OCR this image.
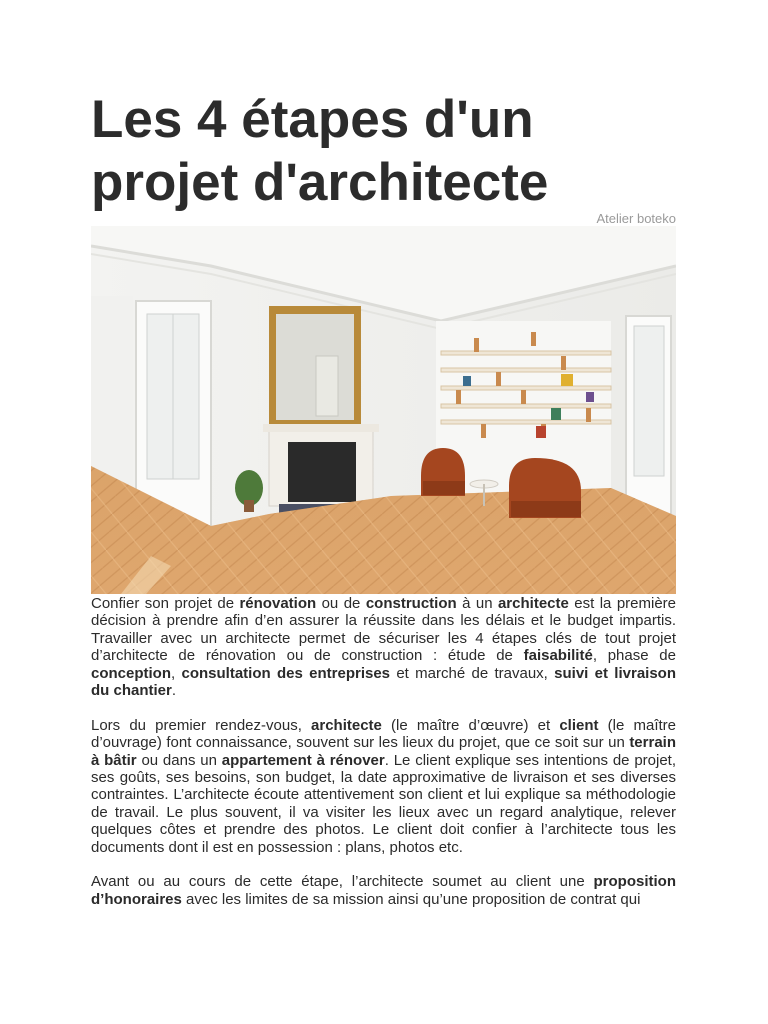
Les 4 étapes d'un projet d'architecte
Atelier boteko

Confier son projet de rénovation ou de construction à un architecte est la première décision à prendre afin d’en assurer la réussite dans les délais et le budget impartis. Travailler avec un architecte permet de sécuriser les 4 étapes clés de tout projet d’architecte de rénovation ou de construction : étude de faisabilité, phase de conception, consultation des entreprises et marché de travaux, suivi et livraison du chantier.

Lors du premier rendez-vous, architecte (le maître d’œuvre) et client (le maître d’ouvrage) font connaissance, souvent sur les lieux du projet, que ce soit sur un terrain à bâtir ou dans un appartement à rénover. Le client explique ses intentions de projet, ses goûts, ses besoins, son budget, la date approximative de livraison et ses diverses contraintes. L’architecte écoute attentivement son client et lui explique sa méthodologie de travail. Le plus souvent, il va visiter les lieux avec un regard analytique, relever quelques côtes et prendre des photos. Le client doit confier à l’architecte tous les documents dont il est en possession : plans, photos etc.

Avant ou au cours de cette étape, l’architecte soumet au client une proposition d’honoraires avec les limites de sa mission ainsi qu’une proposition de contrat qui
